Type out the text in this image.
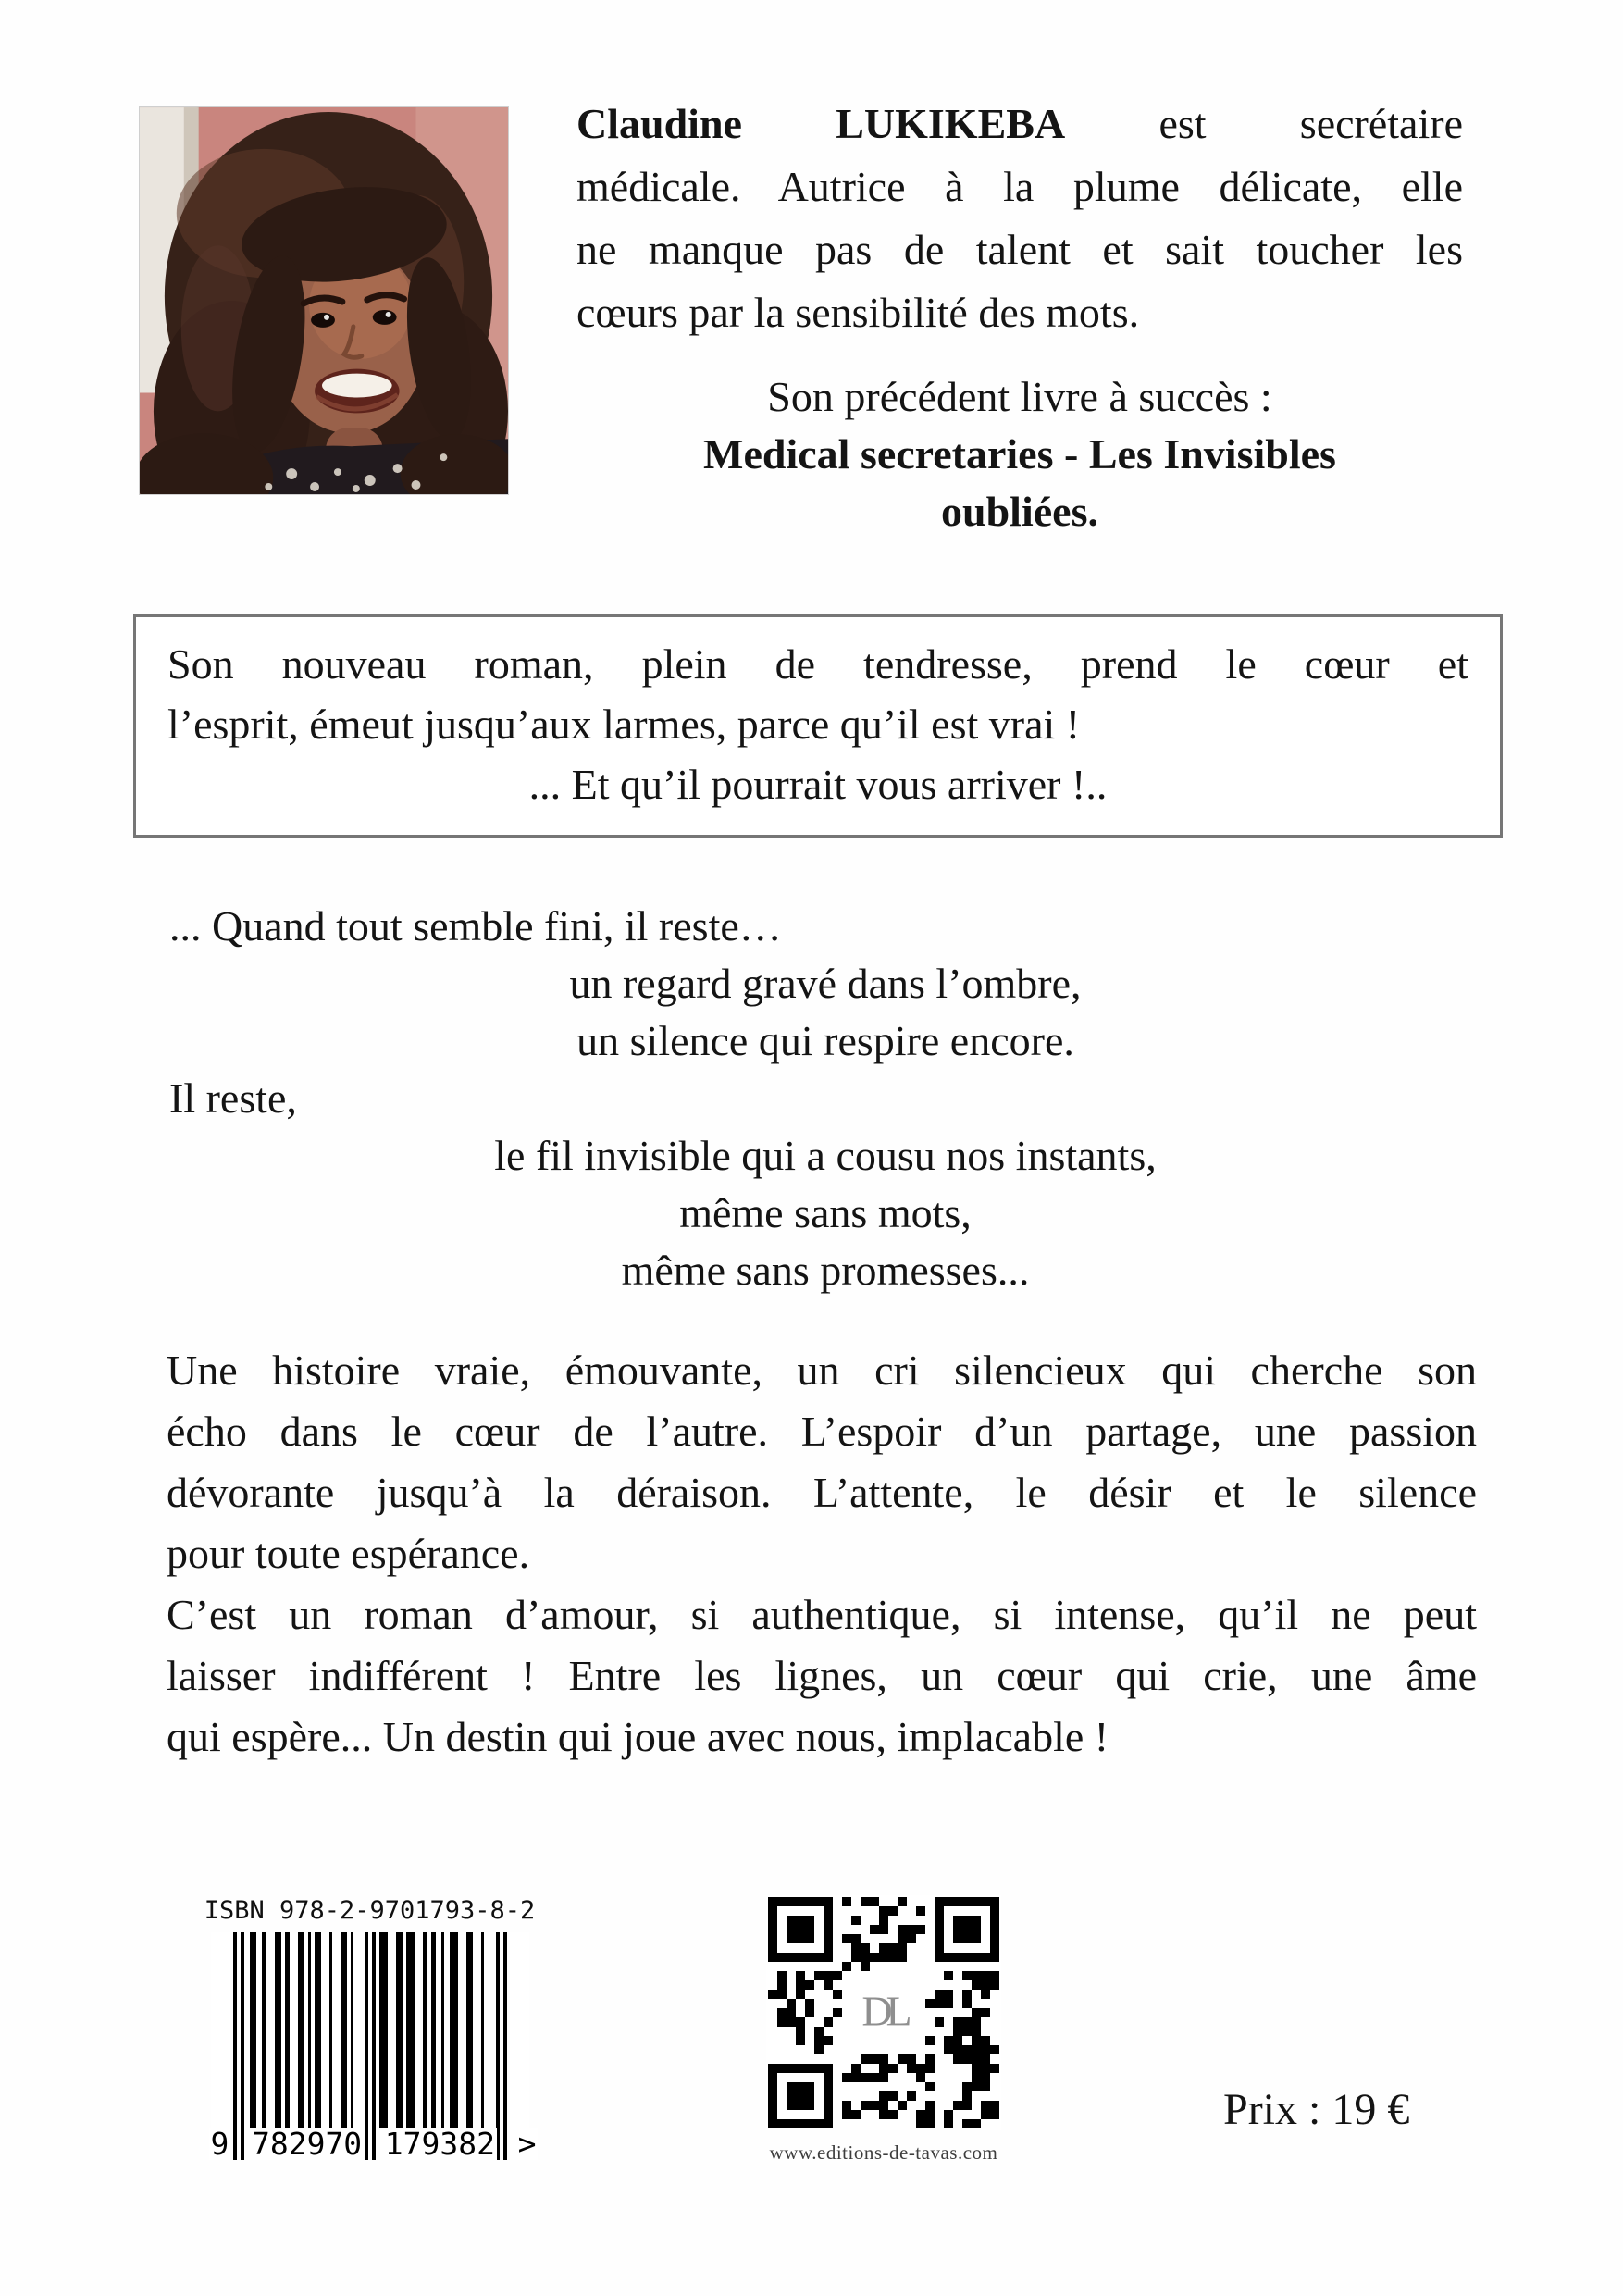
Claudine LUKIKEBA est secrétaire
médicale. Autrice à la plume délicate, elle
ne manque pas de talent et sait toucher les
cœurs par la sensibilité des mots.
Son précédent livre à succès :
Medical secretaries - Les Invisibles
oubliées.
Son nouveau roman, plein de tendresse, prend le cœur et
l’esprit, émeut jusqu’aux larmes, parce qu’il est vrai !
... Et qu’il pourrait vous arriver !..
... Quand tout semble fini, il reste…
un regard gravé dans l’ombre,
un silence qui respire encore.
Il reste,
le fil invisible qui a cousu nos instants,
même sans mots,
même sans promesses...
Une histoire vraie, émouvante, un cri silencieux qui cherche son
écho dans le cœur de l’autre. L’espoir d’un partage, une passion
dévorante jusqu’à la déraison. L’attente, le désir et le silence
pour toute espérance.
C’est un roman d’amour, si authentique, si intense, qu’il ne peut
laisser indifférent ! Entre les lignes, un cœur qui crie, une âme
qui espère... Un destin qui joue avec nous, implacable !
ISBN 978-2-9701793-8-2
9 782970 179382 >
DL
www.editions-de-tavas.com
Prix : 19 €
